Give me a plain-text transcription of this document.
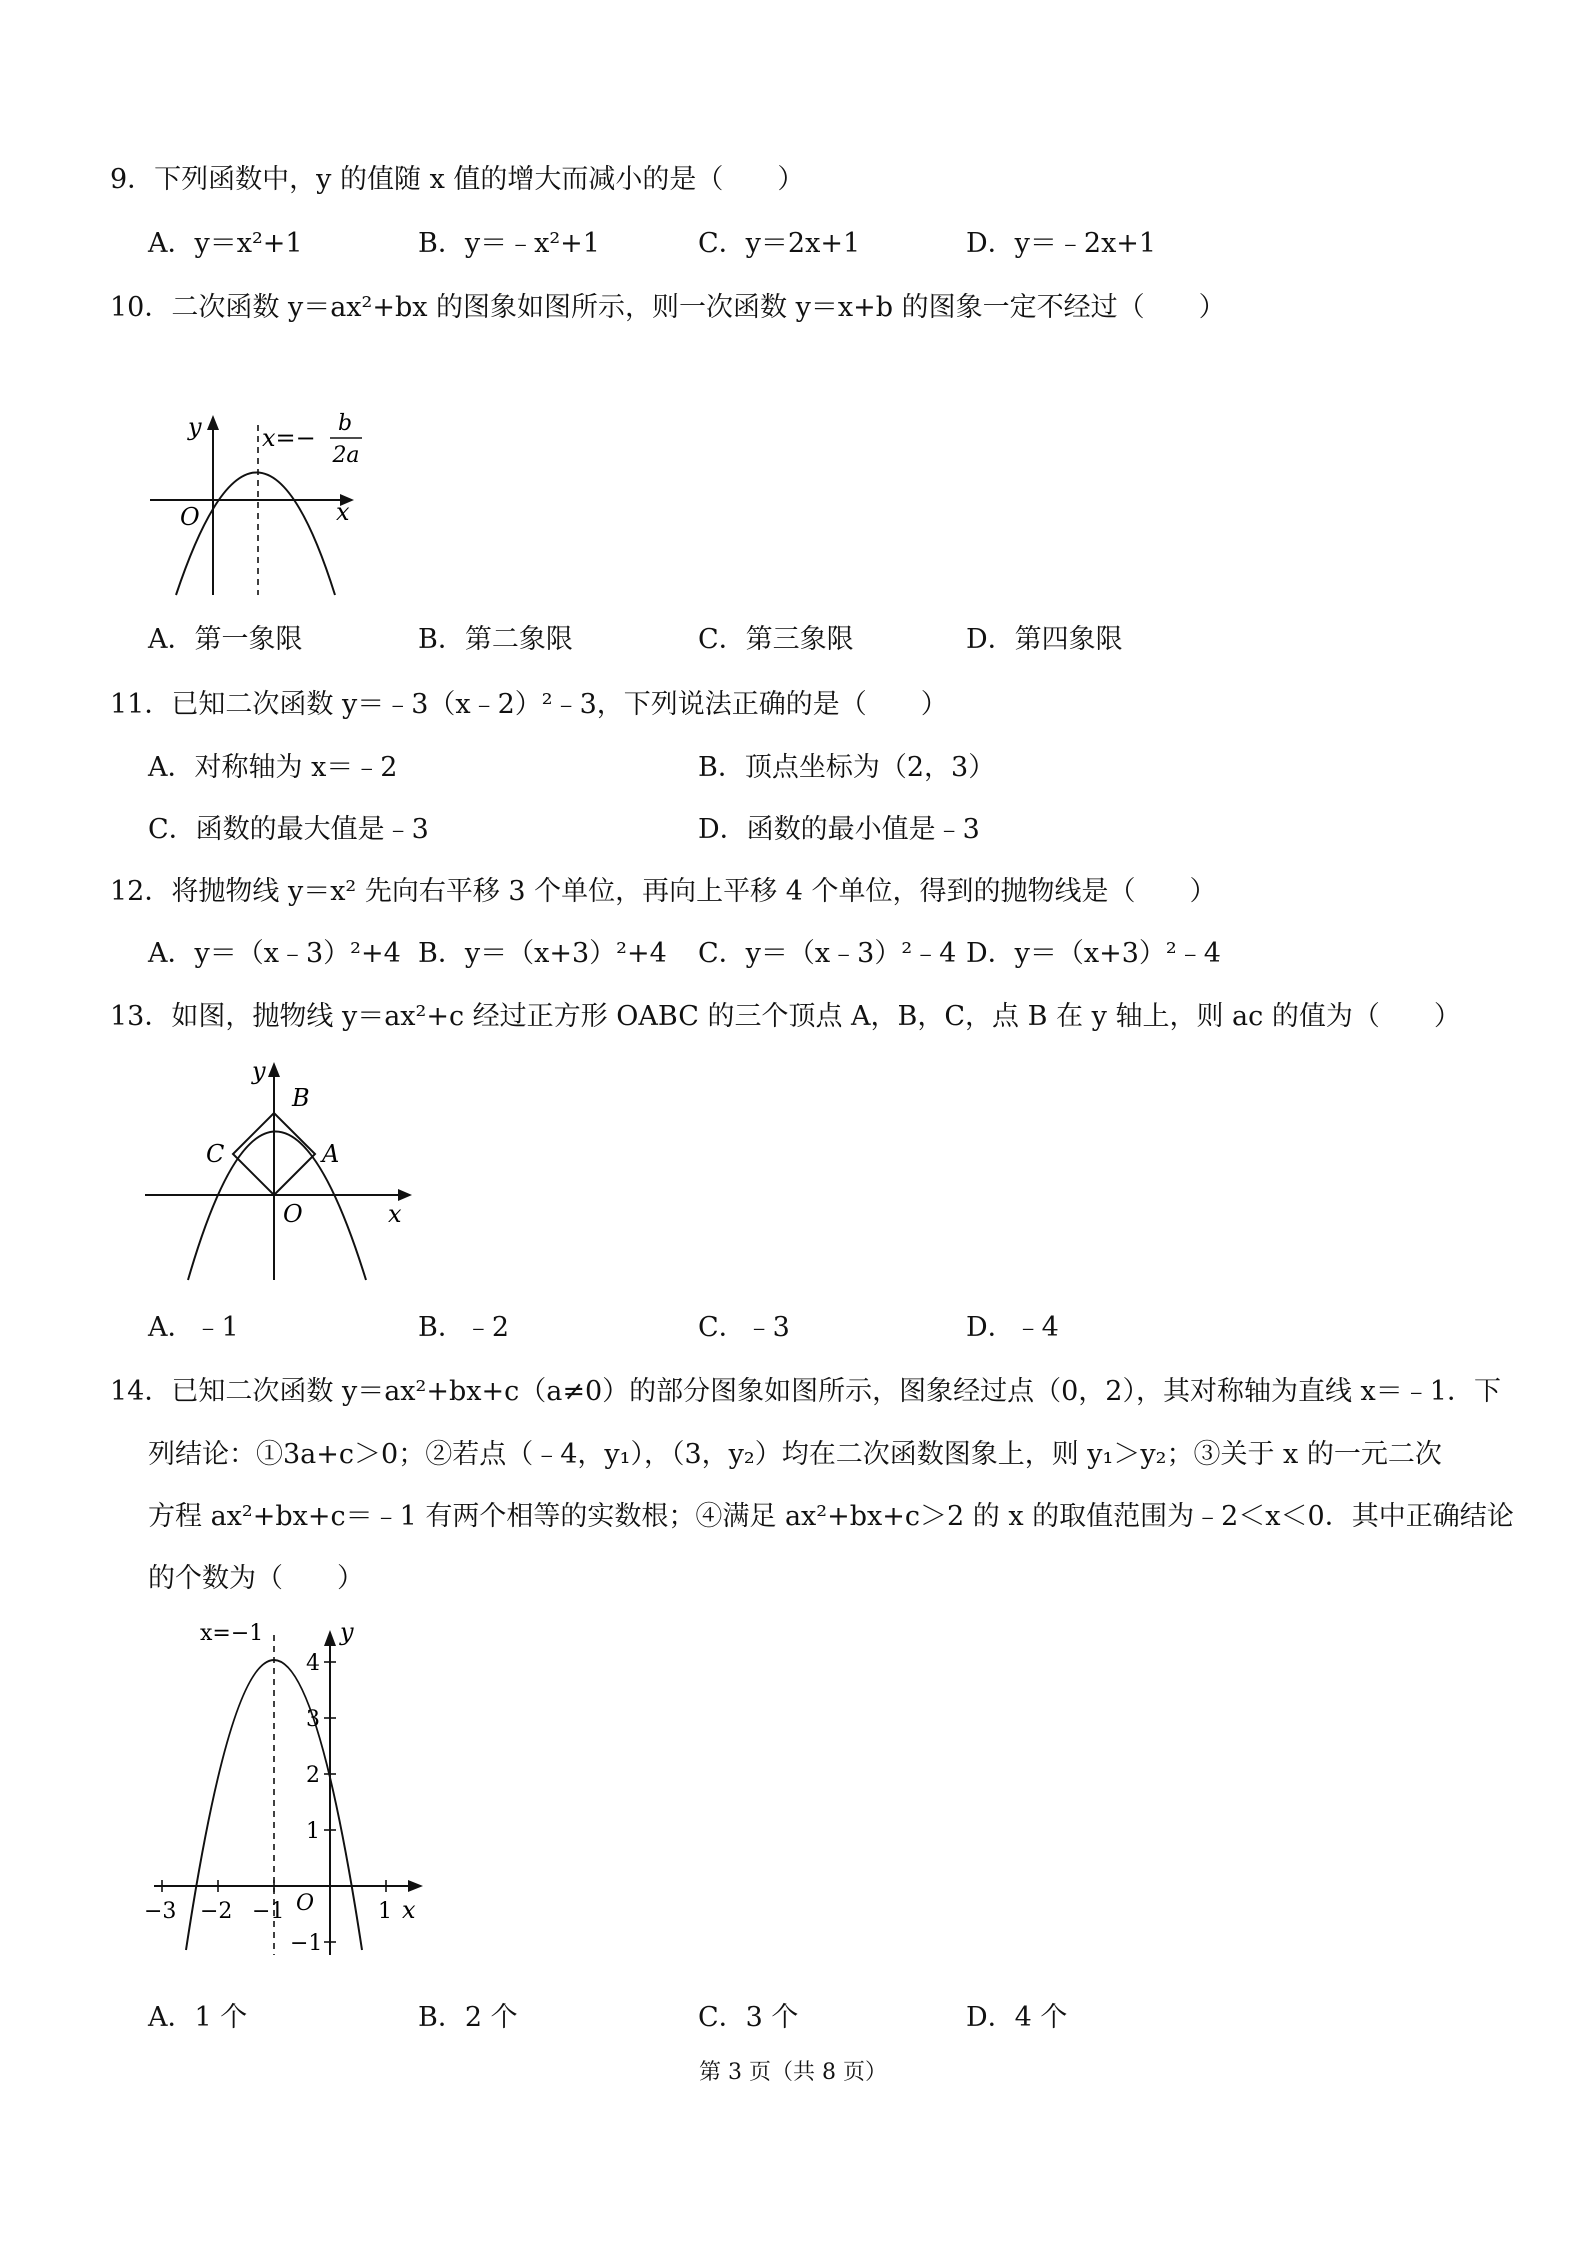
9．下列函数中，y 的值随 x 值的增大而减小的是（　　）
A．y＝x²+1	B．y＝﹣x²+1	C．y＝2x+1	D．y＝﹣2x+1
10．二次函数 y＝ax²+bx 的图象如图所示，则一次函数 y＝x+b 的图象一定不经过（　　）
y
x
O
x=−
b
2a
A．第一象限	B．第二象限	C．第三象限	D．第四象限
11．已知二次函数 y＝﹣3（x﹣2）²﹣3，下列说法正确的是（　　）
A．对称轴为 x＝﹣2	B．顶点坐标为（2，3）
C．函数的最大值是﹣3	D．函数的最小值是﹣3
12．将抛物线 y＝x² 先向右平移 3 个单位，再向上平移 4 个单位，得到的抛物线是（　　）
A．y＝（x﹣3）²+4 B．y＝（x+3）²+4 C．y＝（x﹣3）²﹣4 D．y＝（x+3）²﹣4
13．如图，抛物线 y＝ax²+c 经过正方形 OABC 的三个顶点 A，B，C，点 B 在 y 轴上，则 ac 的值为（　　）
y
x
O
A
B
C
A．﹣1	B．﹣2	C．﹣3	D．﹣4
14．已知二次函数 y＝ax²+bx+c（a≠0）的部分图象如图所示，图象经过点（0，2），其对称轴为直线 x＝﹣1．下
列结论：①3a+c＞0；②若点（﹣4，y₁），（3，y₂）均在二次函数图象上，则 y₁＞y₂；③关于 x 的一元二次
方程 ax²+bx+c＝﹣1 有两个相等的实数根；④满足 ax²+bx+c＞2 的 x 的取值范围为﹣2＜x＜0．其中正确结论
的个数为（　　）
y
x
O
x=−1
4
3
2
1
−1
−3 −2 −1	1
A．1 个	B．2 个	C．3 个	D．4 个
第 3 页（共 8 页）
